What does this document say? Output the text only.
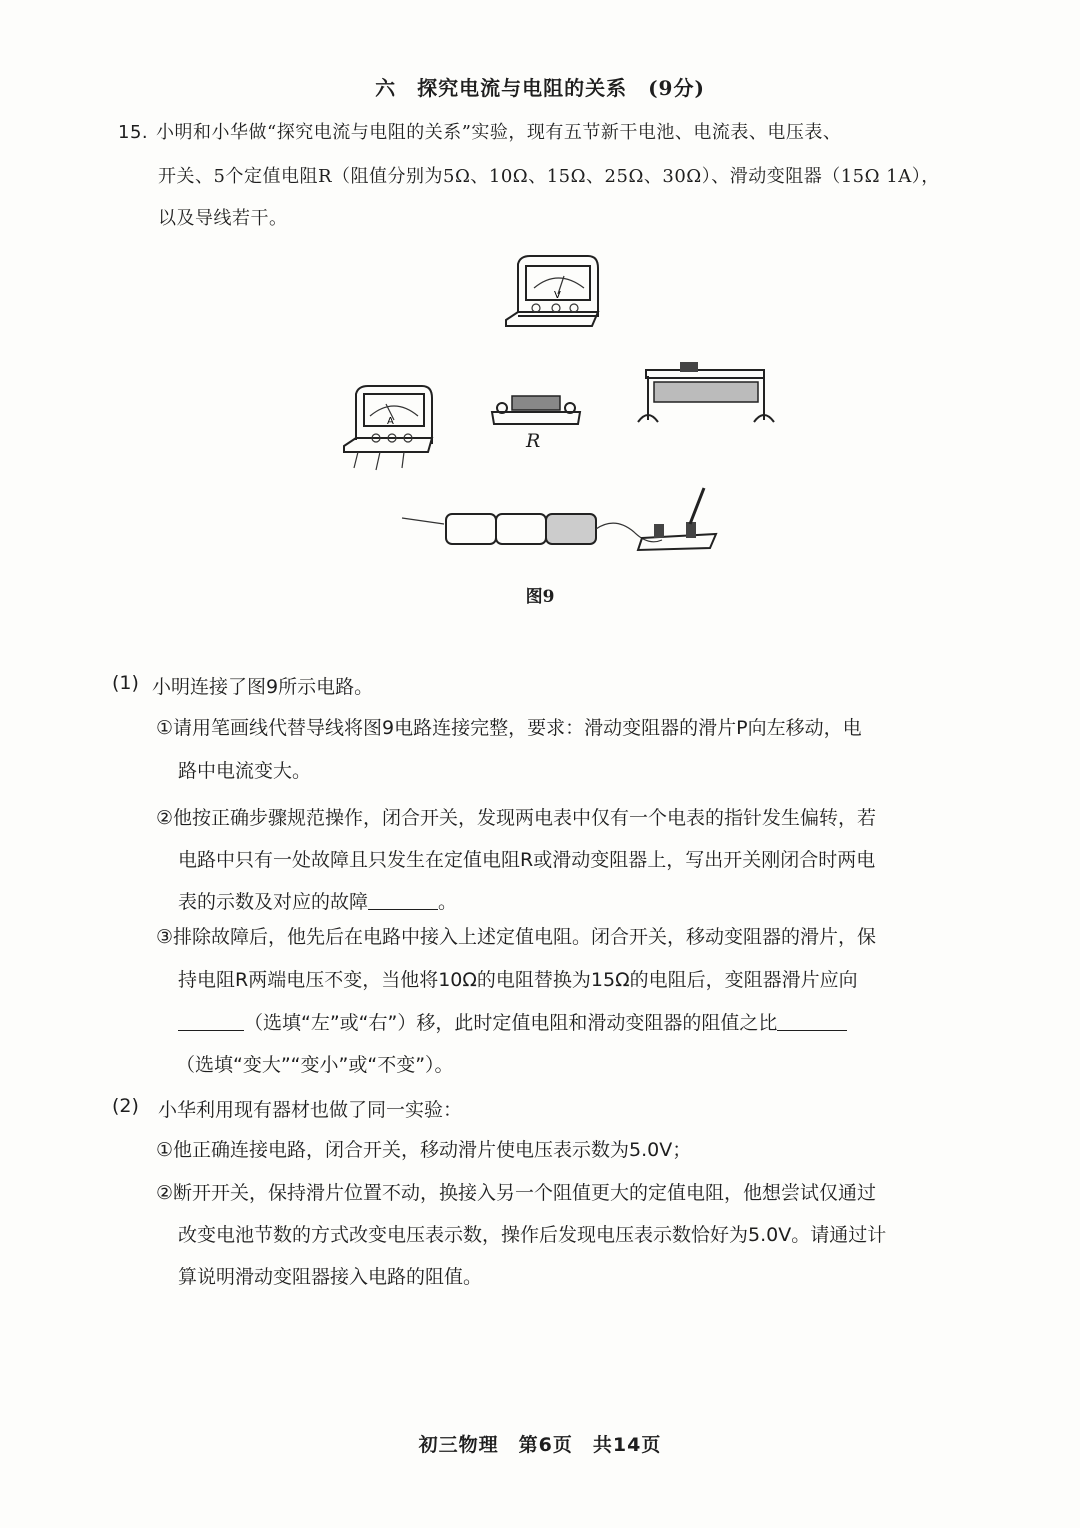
六　探究电流与电阻的关系　(9分)
15. 小明和小华做“探究电流与电阻的关系”实验，现有五节新干电池、电流表、电压表、
开关、5个定值电阻R（阻值分别为5Ω、10Ω、15Ω、25Ω、30Ω）、滑动变阻器（15Ω 1A），
以及导线若干。
V
A
R
图9
(1) 小明连接了图9所示电路。
①请用笔画线代替导线将图9电路连接完整，要求：滑动变阻器的滑片P向左移动，电
路中电流变大。
②他按正确步骤规范操作，闭合开关，发现两电表中仅有一个电表的指针发生偏转，若
电路中只有一处故障且只发生在定值电阻R或滑动变阻器上，写出开关刚闭合时两电
表的示数及对应的故障	。
③排除故障后，他先后在电路中接入上述定值电阻。闭合开关，移动变阻器的滑片，保
持电阻R两端电压不变，当他将10Ω的电阻替换为15Ω的电阻后，变阻器滑片应向
（选填“左”或“右”）移，此时定值电阻和滑动变阻器的阻值之比
（选填“变大”“变小”或“不变”）。
(2) 小华利用现有器材也做了同一实验：
①他正确连接电路，闭合开关，移动滑片使电压表示数为5.0V；
②断开开关，保持滑片位置不动，换接入另一个阻值更大的定值电阻，他想尝试仅通过
改变电池节数的方式改变电压表示数，操作后发现电压表示数恰好为5.0V。请通过计
算说明滑动变阻器接入电路的阻值。
初三物理　第6页　共14页
